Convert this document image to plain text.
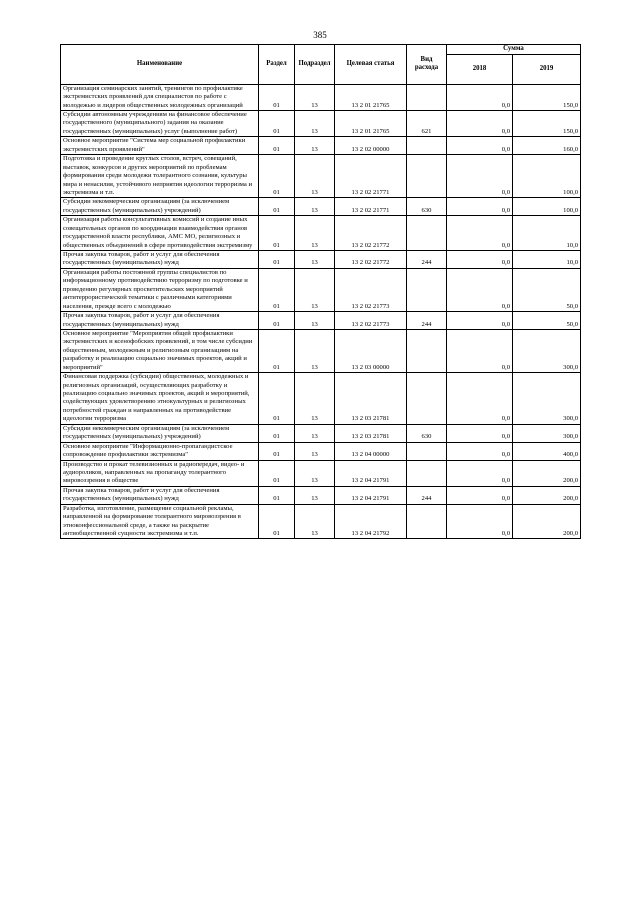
385
Наименование	Раздел	Подраздел	Целевая статья	Вид расхода	Сумма	
					2018	2019
Организация семинарских занятий, тренингов по профилактике экстремистских проявлений для специалистов по работе с молодежью и лидеров общественных молодежных организаций	01	13	13 2 01 21765		0,0	150,0
Субсидии автономным учреждениям на финансовое обеспечение государственного (муниципального) задания на оказание государственных (муниципальных) услуг (выполнение работ)	01	13	13 2 01 21765	621	0,0	150,0
Основное мероприятие "Система мер социальной профилактики экстремистских проявлений"	01	13	13 2 02 00000		0,0	160,0
Подготовка и проведение круглых столов, встреч, совещаний, выставок, конкурсов и других мероприятий по проблемам формирования среди молодежи толерантного сознания, культуры мира и ненасилия, устойчивого неприятия идеологии терроризма и экстремизма и т.п.	01	13	13 2 02 21771		0,0	100,0
Субсидии некоммерческим организациям (за исключением государственных (муниципальных) учреждений)	01	13	13 2 02 21771	630	0,0	100,0
Организация работы консультативных комиссий и создание иных совещательных органов по координации взаимодействия органов государственной власти республики, АМС МО, религиозных и общественных объединений в сфере противодействия экстремизму	01	13	13 2 02 21772		0,0	10,0
Прочая закупка товаров, работ и услуг для обеспечения государственных (муниципальных) нужд	01	13	13 2 02 21772	244	0,0	10,0
Организация работы постоянной группы специалистов по информационному противодействию терроризму по подготовке и проведению регулярных просветительских мероприятий антитеррористической тематики с различными категориями населения, прежде всего с молодежью	01	13	13 2 02 21773		0,0	50,0
Прочая закупка товаров, работ и услуг для обеспечения государственных (муниципальных) нужд	01	13	13 2 02 21773	244	0,0	50,0
Основное мероприятие "Мероприятия общей профилактики экстремистских и ксенофобских проявлений, в том числе субсидии общественным, молодежным и религиозным организациям на разработку и реализацию социально значимых проектов, акций и мероприятий"	01	13	13 2 03 00000		0,0	300,0
Финансовая поддержка (субсидии) общественных, молодежных и религиозных организаций, осуществляющих разработку и реализацию социально значимых проектов, акций и мероприятий, содействующих удовлетворению этнокультурных и религиозных потребностей граждан и направленных на противодействие идеологии терроризма	01	13	13 2 03 21781		0,0	300,0
Субсидии некоммерческим организациям (за исключением государственных (муниципальных) учреждений)	01	13	13 2 03 21781	630	0,0	300,0
Основное мероприятие "Информационно-пропагандистское сопровождение профилактики экстремизма"	01	13	13 2 04 00000		0,0	400,0
Производство и прокат телевизионных и радиопередач, видео- и аудиороликов, направленных на пропаганду толерантного мировоззрения в обществе	01	13	13 2 04 21791		0,0	200,0
Прочая закупка товаров, работ и услуг для обеспечения государственных (муниципальных) нужд	01	13	13 2 04 21791	244	0,0	200,0
Разработка, изготовление, размещение социальной рекламы, направленной на формирование толерантного мировоззрения в этноконфессиональной среде, а также на раскрытие антиобщественной сущности экстремизма и т.п.	01	13	13 2 04 21792		0,0	200,0
